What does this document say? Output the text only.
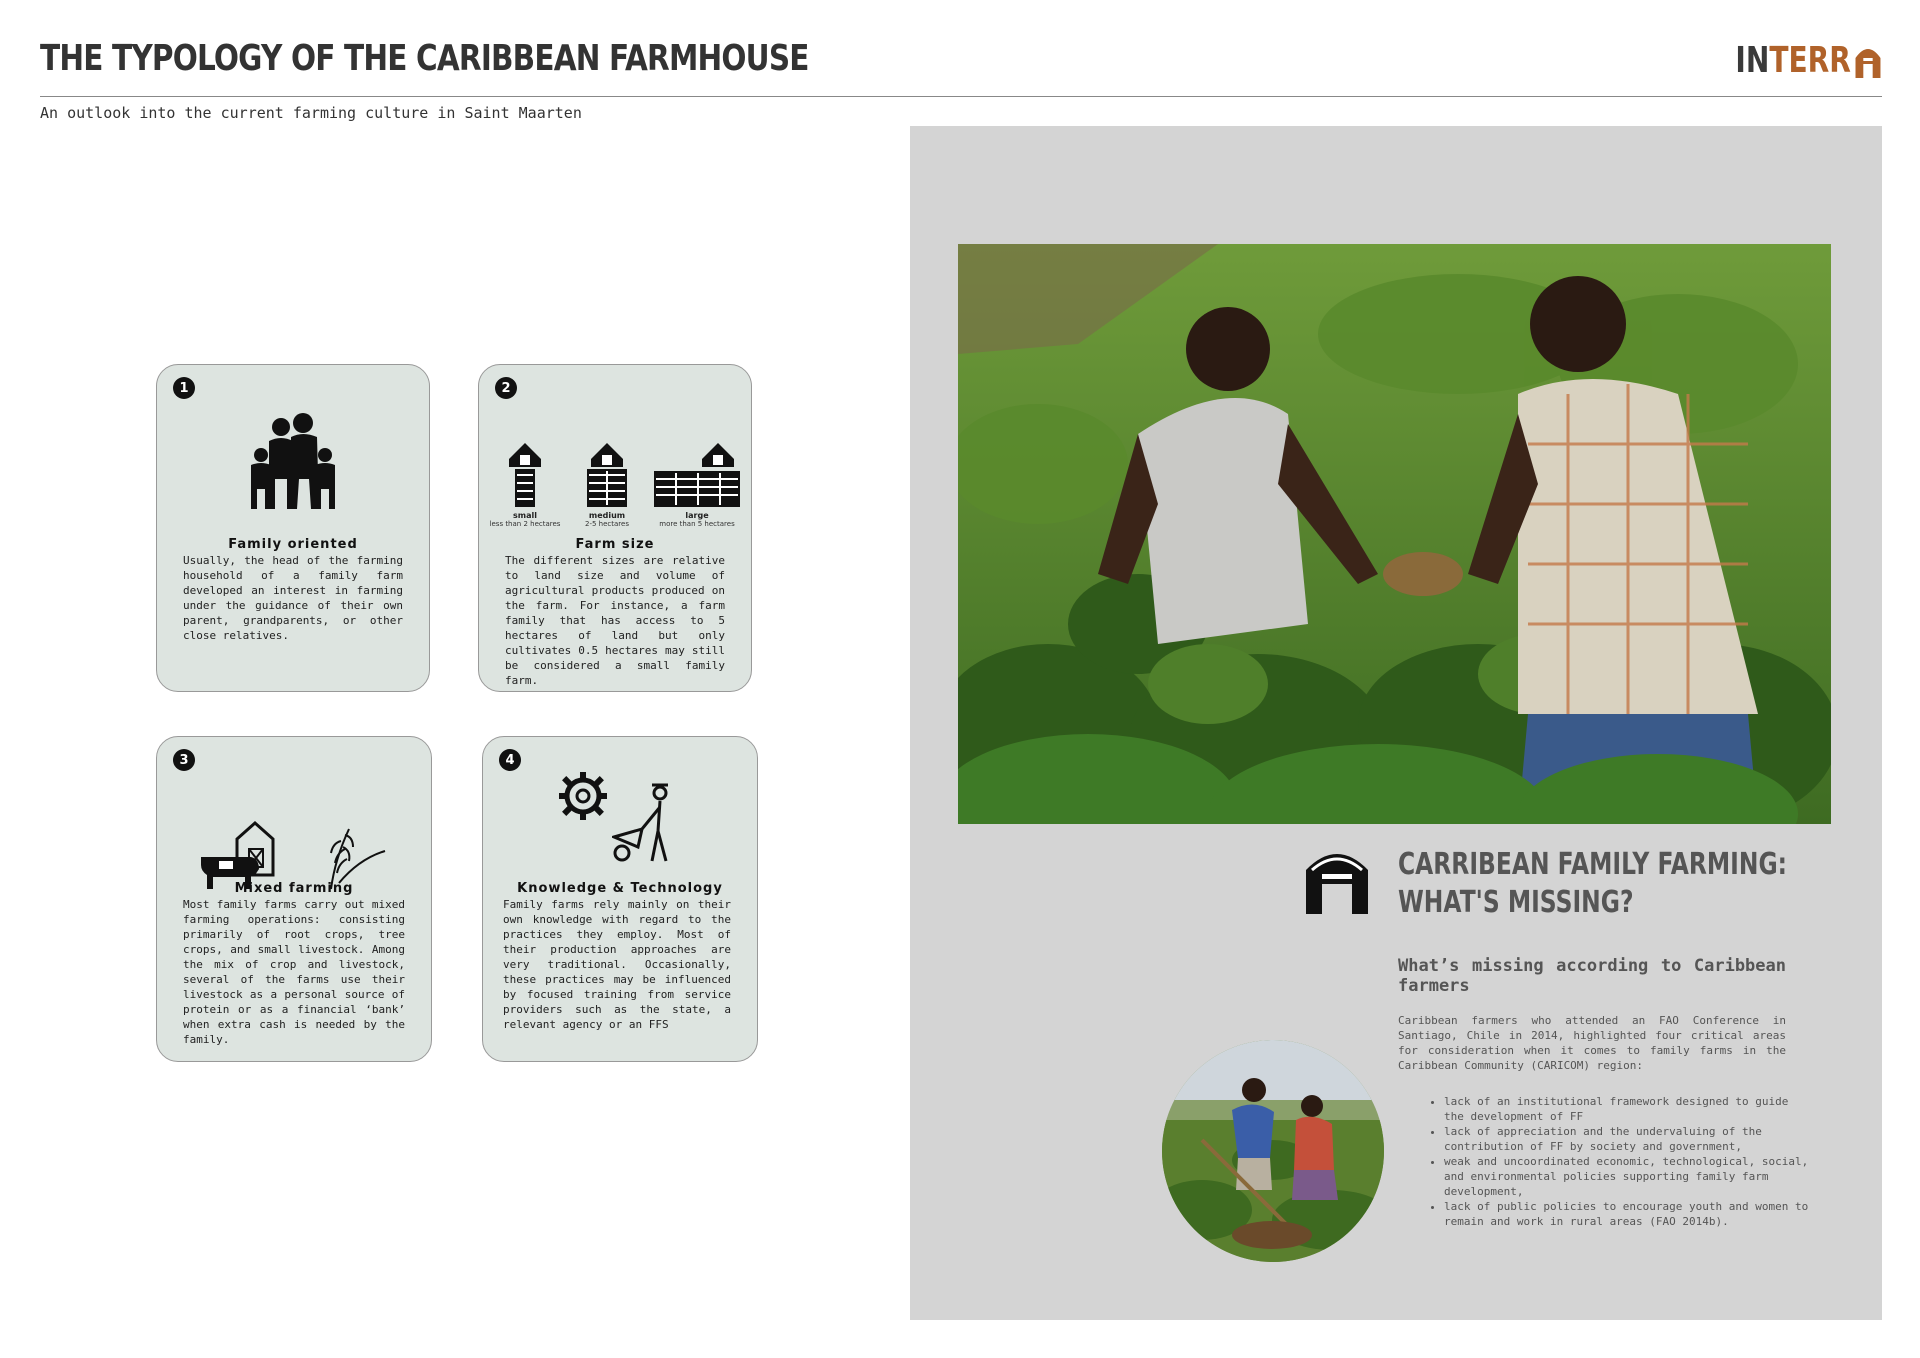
THE TYPOLOGY OF THE CARIBBEAN FARMHOUSE	IN TERR
An outlook into the current farming culture in Saint Maarten
1
Family oriented

Usually, the head of the farming household of a family farm developed an interest in farming under the guidance of their own parent, grandparents, or other close relatives.

2
small
less than 2 hectares
medium
2-5 hectares
large
more than 5 hectares
Farm size

The different sizes are relative to land size and volume of agricultural products produced on the farm. For instance, a farm family that has access to 5 hectares of land but only cultivates 0.5 hectares may still be considered a small family farm.

3
Mixed farming

Most family farms carry out mixed farming operations: consisting primarily of root crops, tree crops, and small livestock. Among the mix of crop and livestock, several of the farms use their livestock as a personal source of protein or as a financial ‘bank’ when extra cash is needed by the family.

4
Knowledge & Technology

Family farms rely mainly on their own knowledge with regard to the practices they employ. Most of their production approaches are very traditional. Occasionally, these practices may be influenced by focused training from service providers such as the state, a relevant agency or an FFS

CARRIBEAN FAMILY FARMING:
WHAT'S MISSING?
What’s missing according to Caribbean farmers
Caribbean farmers who attended an FAO Conference in Santiago, Chile in 2014, highlighted four critical areas for consideration when it comes to family farms in the Caribbean Community (CARICOM) region:
• lack of an institutional framework designed to guide the development of FF
• lack of appreciation and the undervaluing of the contribution of FF by society and government,
• weak and uncoordinated economic, technological, social, and environmental policies supporting family farm development,
• lack of public policies to encourage youth and women to remain and work in rural areas (FAO 2014b).
